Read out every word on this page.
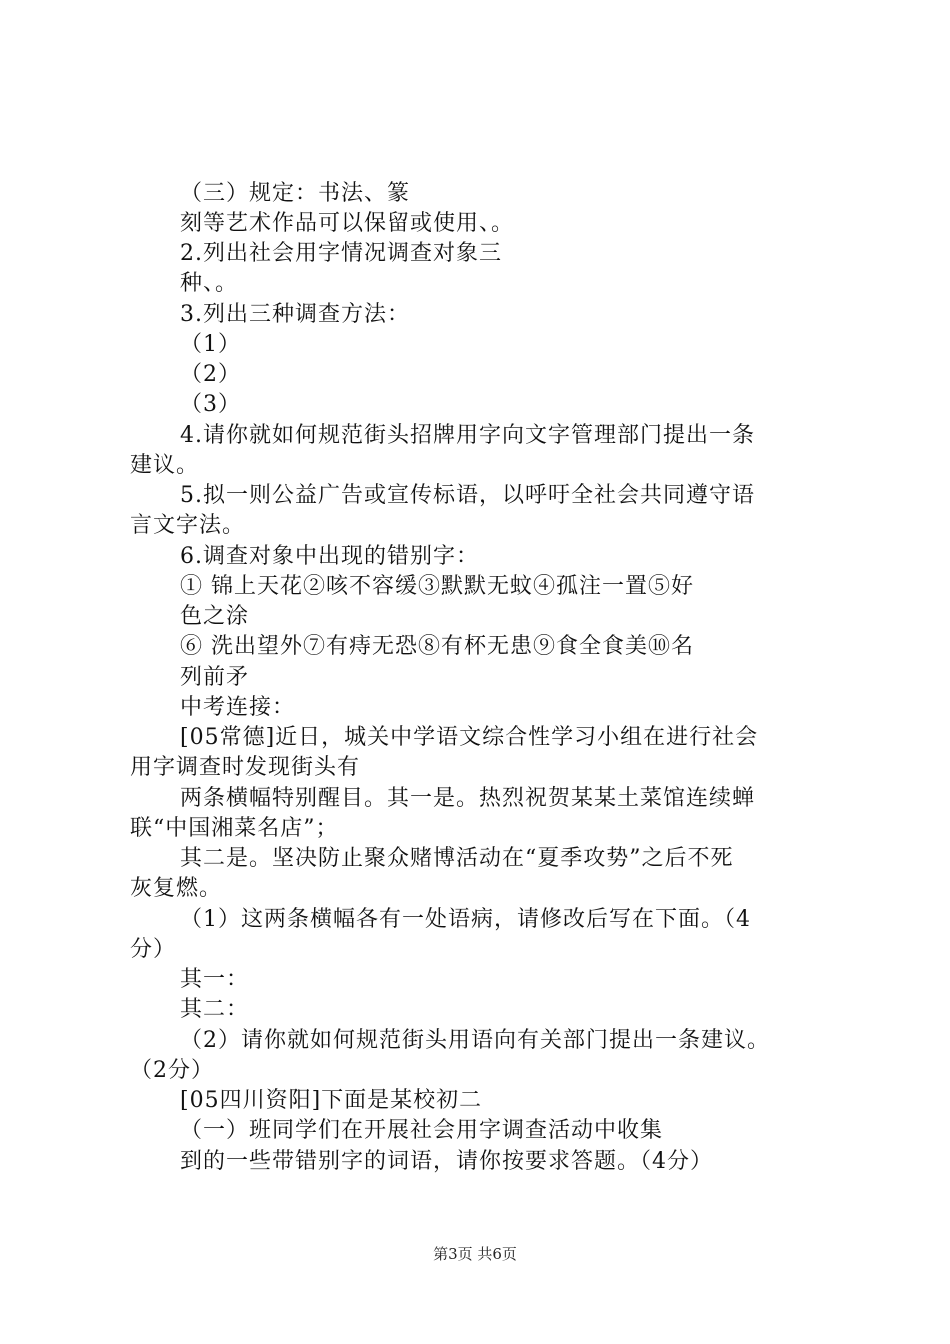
（三）规定：书法、篆
刻等艺术作品可以保留或使用、。
2.列出社会用字情况调查对象三
种、。
3.列出三种调查方法：
（1）
（2）
（3）
4.请你就如何规范街头招牌用字向文字管理部门提出一条
建议。
5.拟一则公益广告或宣传标语，以呼吁全社会共同遵守语
言文字法。
6.调查对象中出现的错别字：
① 锦上天花②咳不容缓③默默无蚊④孤注一置⑤好
色之涂
⑥ 洗出望外⑦有痔无恐⑧有杯无患⑨食全食美⑩名
列前矛
中考连接：
[05常德]近日，城关中学语文综合性学习小组在进行社会
用字调查时发现街头有
两条横幅特别醒目。其一是。热烈祝贺某某土菜馆连续蝉
联“中国湘菜名店”；
其二是。坚决防止聚众赌博活动在“夏季攻势”之后不死
灰复燃。
（1）这两条横幅各有一处语病，请修改后写在下面。（4
分）
其一：
其二：
（2）请你就如何规范街头用语向有关部门提出一条建议。
（2分）
[05四川资阳]下面是某校初二
（一）班同学们在开展社会用字调查活动中收集
到的一些带错别字的词语，请你按要求答题。（4分）
第3页 共6页
